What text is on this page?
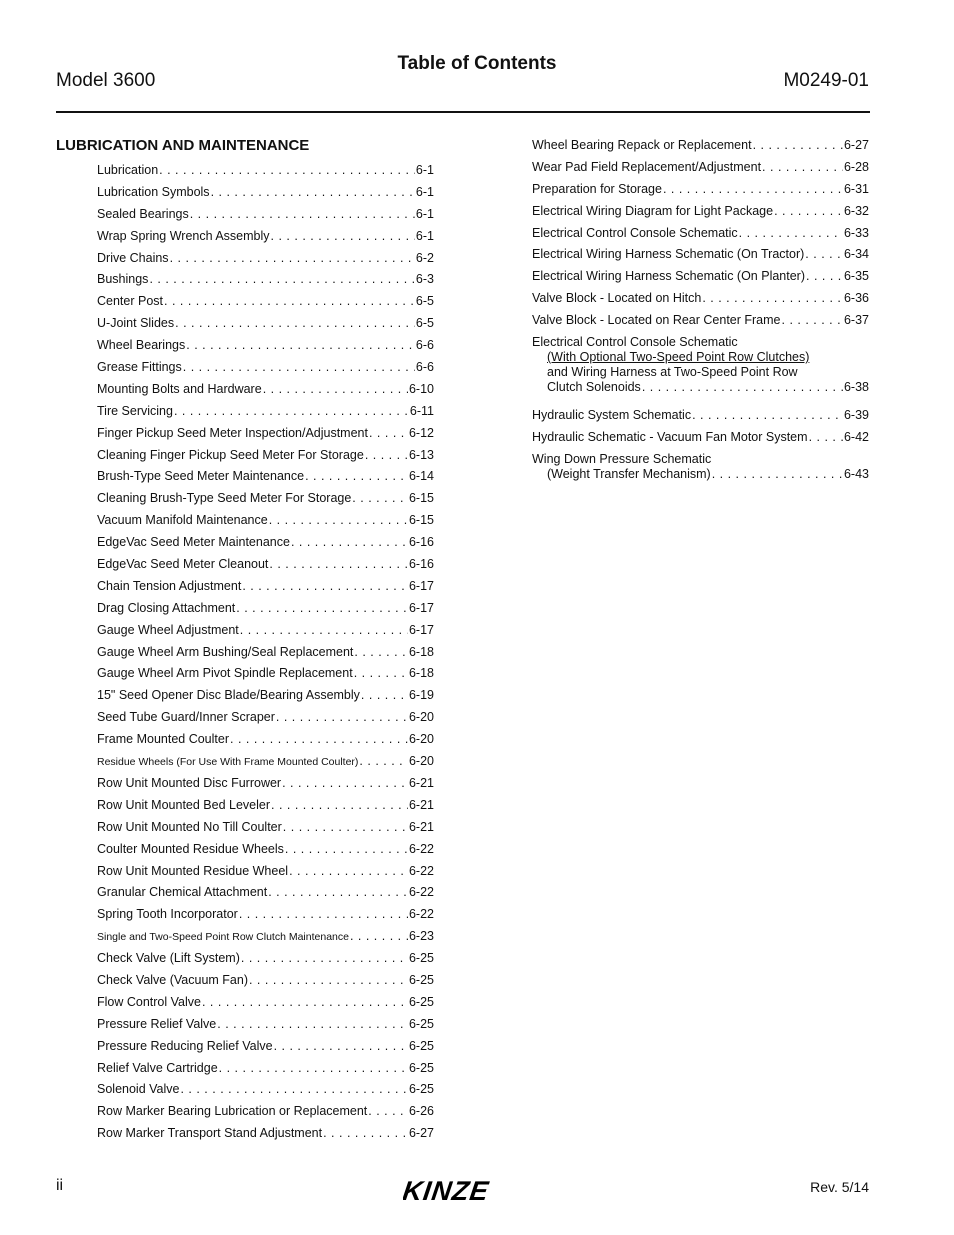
Table of Contents
Model 3600	M0249-01
LUBRICATION AND MAINTENANCE
Lubrication . . .	6-1
Lubrication Symbols . . .	6-1
Sealed Bearings . . .	6-1
Wrap Spring Wrench Assembly . . .	6-1
Drive Chains . . .	6-2
Bushings . . .	6-3
Center Post . . .	6-5
U-Joint Slides . . .	6-5
Wheel Bearings . . .	6-6
Grease Fittings . . .	6-6
Mounting Bolts and Hardware . . .	6-10
Tire Servicing . . .	6-11
Finger Pickup Seed Meter Inspection/Adjustment . . .	6-12
Cleaning Finger Pickup Seed Meter For Storage . . .	6-13
Brush-Type Seed Meter Maintenance . . .	6-14
Cleaning Brush-Type Seed Meter For Storage . . .	6-15
Vacuum Manifold Maintenance . . .	6-15
EdgeVac Seed Meter Maintenance . . .	6-16
EdgeVac Seed Meter Cleanout . . .	6-16
Chain Tension Adjustment . . .	6-17
Drag Closing Attachment . . .	6-17
Gauge Wheel Adjustment . . .	6-17
Gauge Wheel Arm Bushing/Seal Replacement . . .	6-18
Gauge Wheel Arm Pivot Spindle Replacement . . .	6-18
15" Seed Opener Disc Blade/Bearing Assembly . . .	6-19
Seed Tube Guard/Inner Scraper . . .	6-20
Frame Mounted Coulter . . .	6-20
Residue Wheels (For Use With Frame Mounted Coulter) . . .	6-20
Row Unit Mounted Disc Furrower . . .	6-21
Row Unit Mounted Bed Leveler . . .	6-21
Row Unit Mounted No Till Coulter . . .	6-21
Coulter Mounted Residue Wheels . . .	6-22
Row Unit Mounted Residue Wheel . . .	6-22
Granular Chemical Attachment . . .	6-22
Spring Tooth Incorporator . . .	6-22
Single and Two-Speed Point Row Clutch Maintenance . . .	6-23
Check Valve (Lift System) . . .	6-25
Check Valve (Vacuum Fan) . . .	6-25
Flow Control Valve . . .	6-25
Pressure Relief Valve . . .	6-25
Pressure Reducing Relief Valve . . .	6-25
Relief Valve Cartridge . . .	6-25
Solenoid Valve . . .	6-25
Row Marker Bearing Lubrication or Replacement . . .	6-26
Row Marker Transport Stand Adjustment . . .	6-27
Wheel Bearing Repack or Replacement . . .	6-27
Wear Pad Field Replacement/Adjustment . . .	6-28
Preparation for Storage . . .	6-31
Electrical Wiring Diagram for Light Package . . .	6-32
Electrical Control Console Schematic . . .	6-33
Electrical Wiring Harness Schematic (On Tractor) . . .	6-34
Electrical Wiring Harness Schematic (On Planter) . . .	6-35
Valve Block - Located on Hitch . . .	6-36
Valve Block - Located on Rear Center Frame . . .	6-37
Electrical Control Console Schematic
(With Optional Two-Speed Point Row Clutches)
and Wiring Harness at Two-Speed Point Row
Clutch Solenoids . . .	6-38
Hydraulic System Schematic . . .	6-39
Hydraulic Schematic - Vacuum Fan Motor System . . .	6-42
Wing Down Pressure Schematic
(Weight Transfer Mechanism) . . .	6-43
ii	KINZE	Rev. 5/14
